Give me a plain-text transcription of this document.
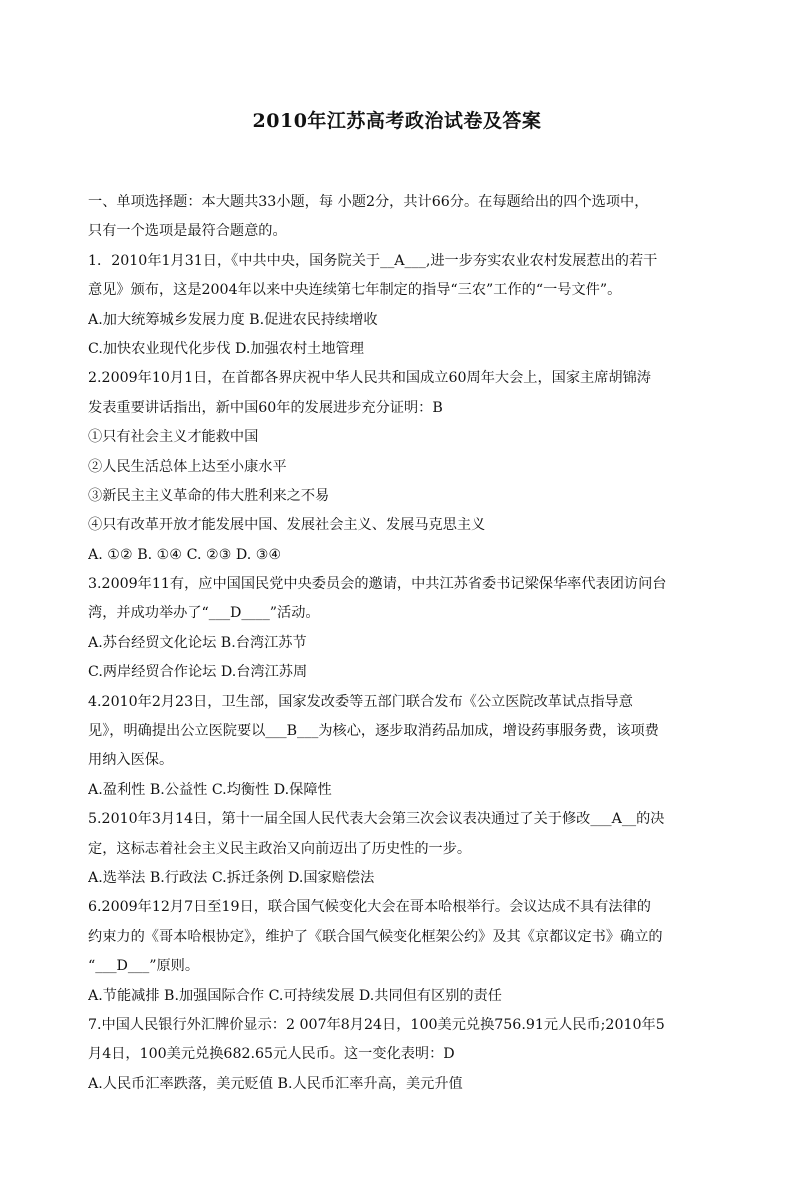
2010年江苏高考政治试卷及答案
一、单项选择题：本大题共33小题，每 小题2分，共计66分。在每题给出的四个选项中，
只有一个选项是最符合题意的。
1．2010年1月31日，《中共中央，国务院关于__A___,进一步夯实农业农村发展惹出的若干
意见》颁布，这是2004年以来中央连续第七年制定的指导“三农”工作的“一号文件”。
A.加大统筹城乡发展力度 B.促进农民持续增收
C.加快农业现代化步伐 D.加强农村土地管理
2.2009年10月1日，在首都各界庆祝中华人民共和国成立60周年大会上，国家主席胡锦涛
发表重要讲话指出，新中国60年的发展进步充分证明：B
①只有社会主义才能救中国
②人民生活总体上达至小康水平
③新民主主义革命的伟大胜利来之不易
④只有改革开放才能发展中国、发展社会主义、发展马克思主义
A. ①② B. ①④ C. ②③ D. ③④
3.2009年11有，应中国国民党中央委员会的邀请，中共江苏省委书记梁保华率代表团访问台
湾，并成功举办了“___D____”活动。
A.苏台经贸文化论坛 B.台湾江苏节
C.两岸经贸合作论坛 D.台湾江苏周
4.2010年2月23日，卫生部，国家发改委等五部门联合发布《公立医院改革试点指导意
见》，明确提出公立医院要以___B___为核心，逐步取消药品加成，增设药事服务费，该项费
用纳入医保。
A.盈利性 B.公益性 C.均衡性 D.保障性
5.2010年3月14日，第十一届全国人民代表大会第三次会议表决通过了关于修改___A__的决
定，这标志着社会主义民主政治又向前迈出了历史性的一步。
A.选举法 B.行政法 C.拆迁条例 D.国家赔偿法
6.2009年12月7日至19日，联合国气候变化大会在哥本哈根举行。会议达成不具有法律的
约束力的《哥本哈根协定》，维护了《联合国气候变化框架公约》及其《京都议定书》确立的
“___D___”原则。
A.节能减排 B.加强国际合作 C.可持续发展 D.共同但有区别的责任
7.中国人民银行外汇牌价显示：2 007年8月24日，100美元兑换756.91元人民币;2010年5
月4日，100美元兑换682.65元人民币。这一变化表明：D
A.人民币汇率跌落，美元贬值 B.人民币汇率升高，美元升值
